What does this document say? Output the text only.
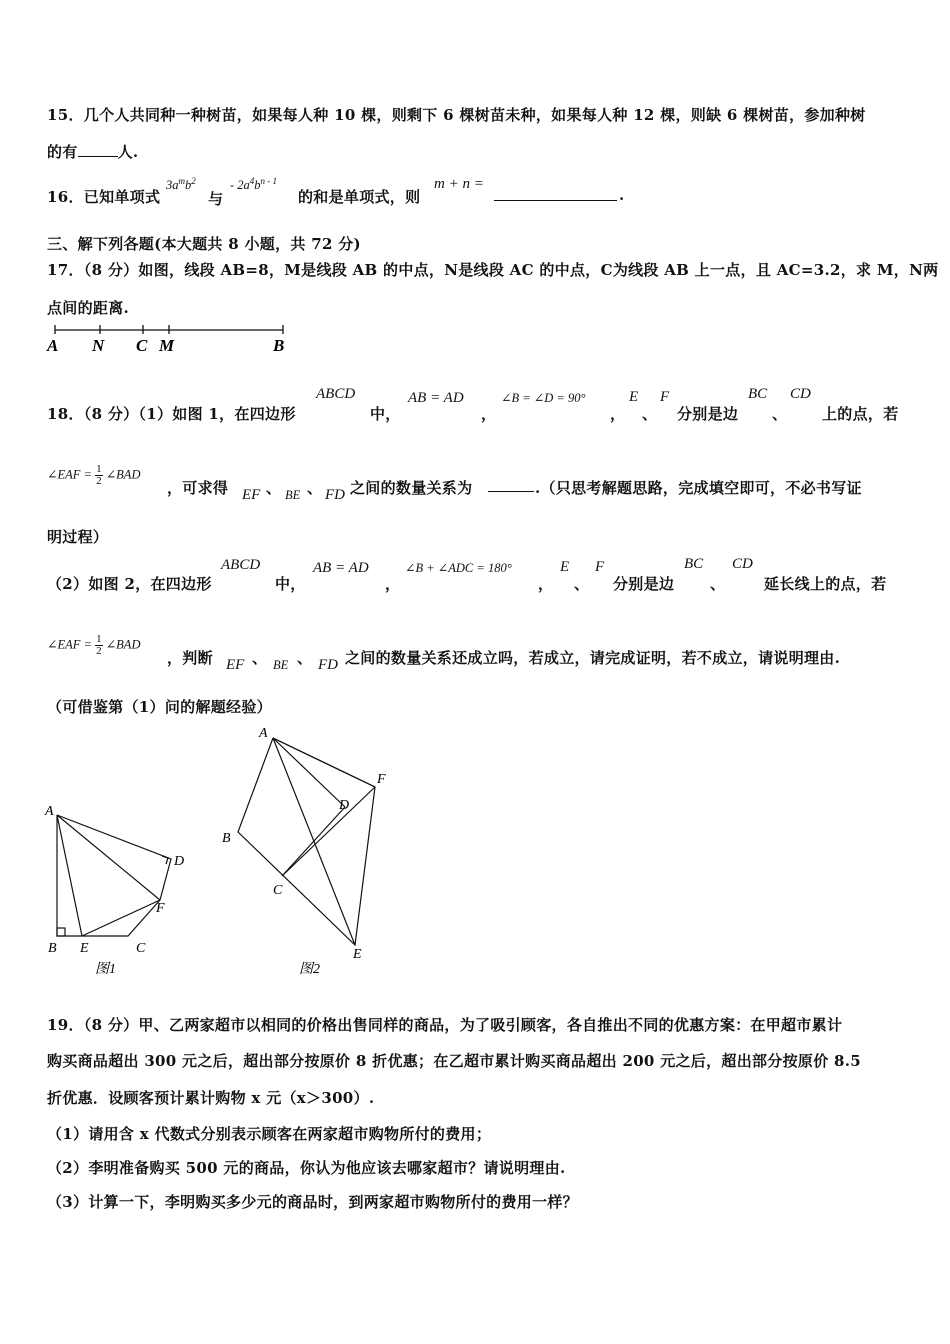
15．几个人共同种一种树苗，如果每人种 10 棵，则剩下 6 棵树苗未种，如果每人种 12 棵，则缺 6 棵树苗，参加种树
的有	人.
16．已知单项式
$3a^mb^2$
与
- $2a^4b^{n - 1}$
的和是单项式，则
m + n =
.
三、解下列各题(本大题共 8 小题，共 72 分)
17．（8 分）如图，线段 AB=8，M是线段 AB 的中点，N是线段 AC 的中点，C为线段 AB 上一点，且 AC=3.2，求 M，N两
点间的距离.
A N C M	B
18．（8 分）（1）如图 1，在四边形
ABCD
中，
AB = AD
，
∠B = ∠D = 90°
，
E
、
F
分别是边
BC
、
CD
上的点，若
∠EAF = $\frac{1}{2}$ ∠BAD
，可求得 EF 、 BE 、 FD 之间的数量关系为	.（只思考解题思路，完成填空即可，不必书写证
明过程）
（2）如图 2，在四边形
ABCD
中，
AB = AD
，
∠B + ∠ADC = 180°
，
E
、
F
分别是边
BC
、
CD
延长线上的点，若
∠EAF = $\frac{1}{2}$ ∠BAD
，判断 EF 、 BE 、 FD 之间的数量关系还成立吗，若成立，请完成证明，若不成立，请说明理由.
（可借鉴第（1）问的解题经验）
A
B E	C
F
D
图1
A
B
C
D
F
E
图2
19．（8 分）甲、乙两家超市以相同的价格出售同样的商品，为了吸引顾客，各自推出不同的优惠方案：在甲超市累计
购买商品超出 300 元之后，超出部分按原价 8 折优惠；在乙超市累计购买商品超出 200 元之后，超出部分按原价 8.5
折优惠．设顾客预计累计购物 x 元（x＞300）.
（1）请用含 x 代数式分别表示顾客在两家超市购物所付的费用；
（2）李明准备购买 500 元的商品，你认为他应该去哪家超市？请说明理由.
（3）计算一下，李明购买多少元的商品时，到两家超市购物所付的费用一样？
